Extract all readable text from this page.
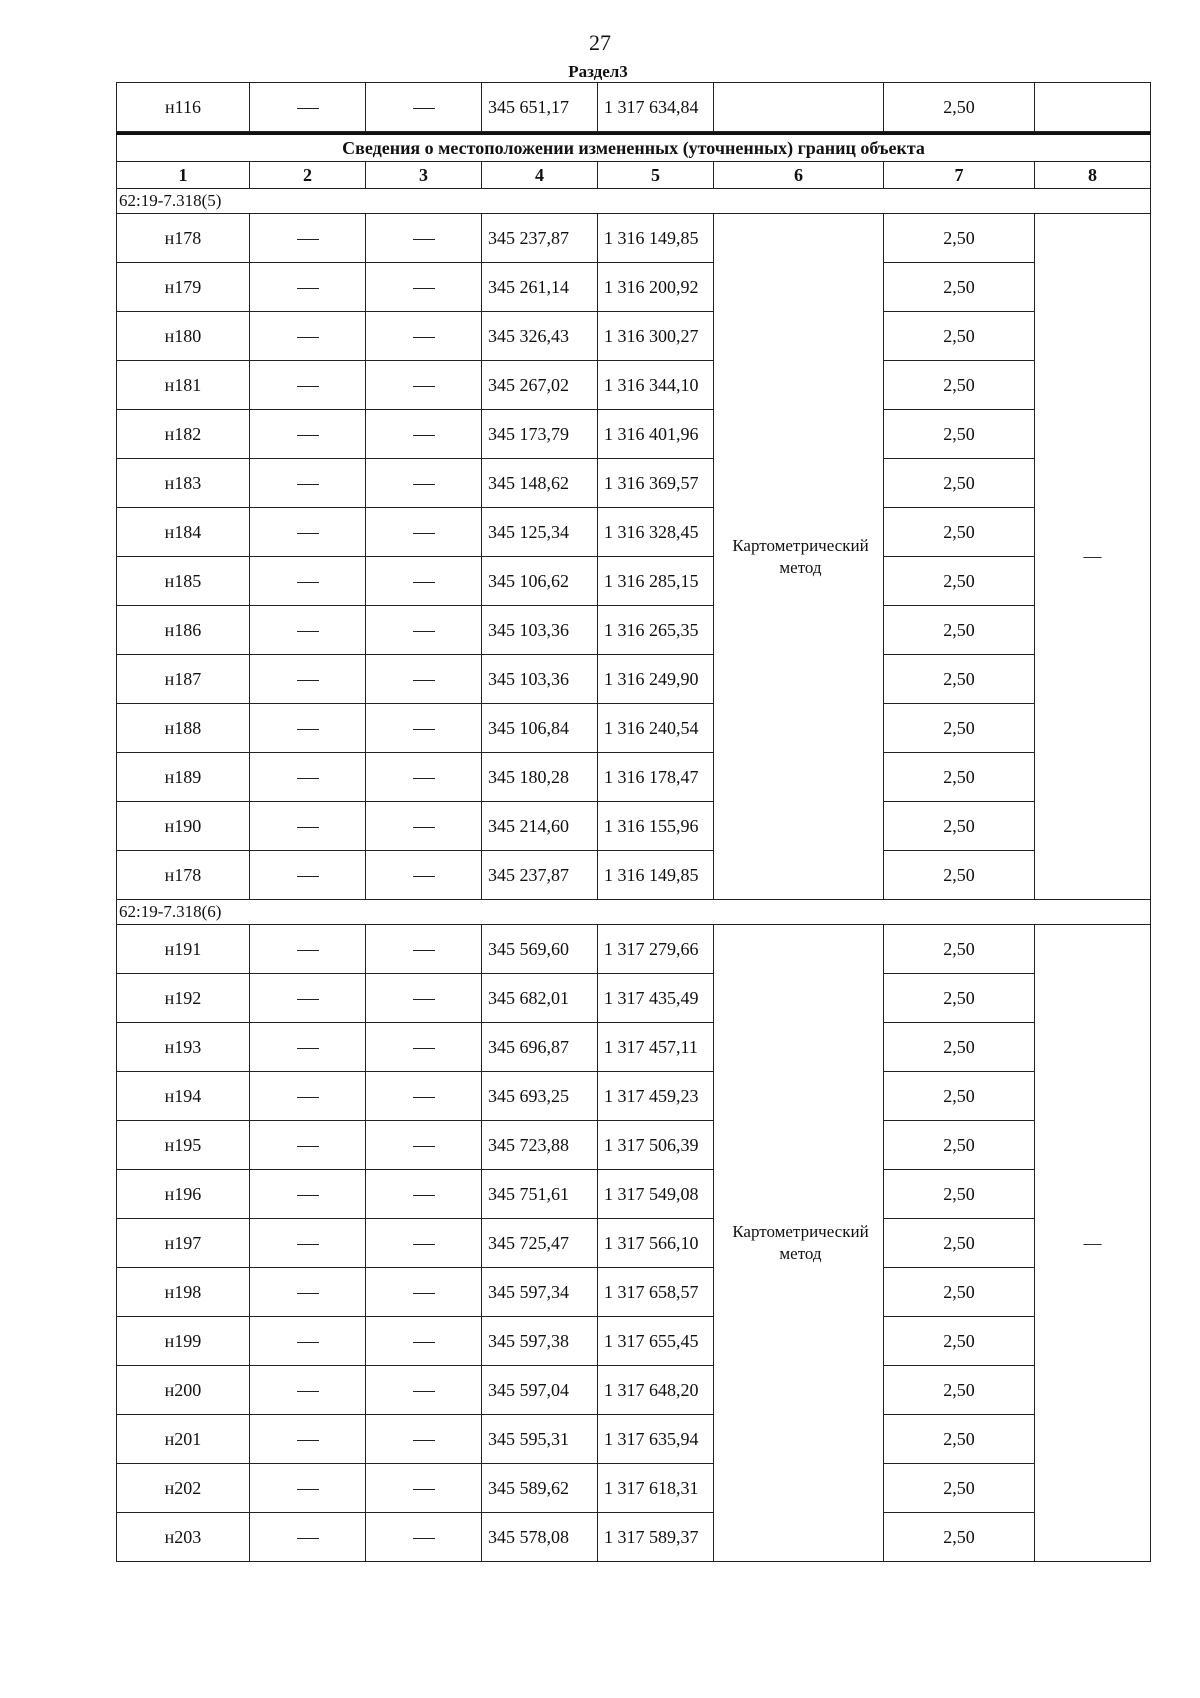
27
Раздел3
н116			345 651,17	1 317 634,84		2,50	
Сведения о местоположении измененных (уточненных) границ объекта							
1	2	3	4	5	6	7	8
62:19-7.318(5)							
н178			345 237,87	1 316 149,85	Картометрический метод	2,50	—
н179			345 261,14	1 316 200,92		2,50	
н180			345 326,43	1 316 300,27		2,50	
н181			345 267,02	1 316 344,10		2,50	
н182			345 173,79	1 316 401,96		2,50	
н183			345 148,62	1 316 369,57		2,50	
н184			345 125,34	1 316 328,45		2,50	
н185			345 106,62	1 316 285,15		2,50	
н186			345 103,36	1 316 265,35		2,50	
н187			345 103,36	1 316 249,90		2,50	
н188			345 106,84	1 316 240,54		2,50	
н189			345 180,28	1 316 178,47		2,50	
н190			345 214,60	1 316 155,96		2,50	
н178			345 237,87	1 316 149,85		2,50	
62:19-7.318(6)							
н191			345 569,60	1 317 279,66	Картометрический метод	2,50	—
н192			345 682,01	1 317 435,49		2,50	
н193			345 696,87	1 317 457,11		2,50	
н194			345 693,25	1 317 459,23		2,50	
н195			345 723,88	1 317 506,39		2,50	
н196			345 751,61	1 317 549,08		2,50	
н197			345 725,47	1 317 566,10		2,50	
н198			345 597,34	1 317 658,57		2,50	
н199			345 597,38	1 317 655,45		2,50	
н200			345 597,04	1 317 648,20		2,50	
н201			345 595,31	1 317 635,94		2,50	
н202			345 589,62	1 317 618,31		2,50	
н203			345 578,08	1 317 589,37		2,50	
